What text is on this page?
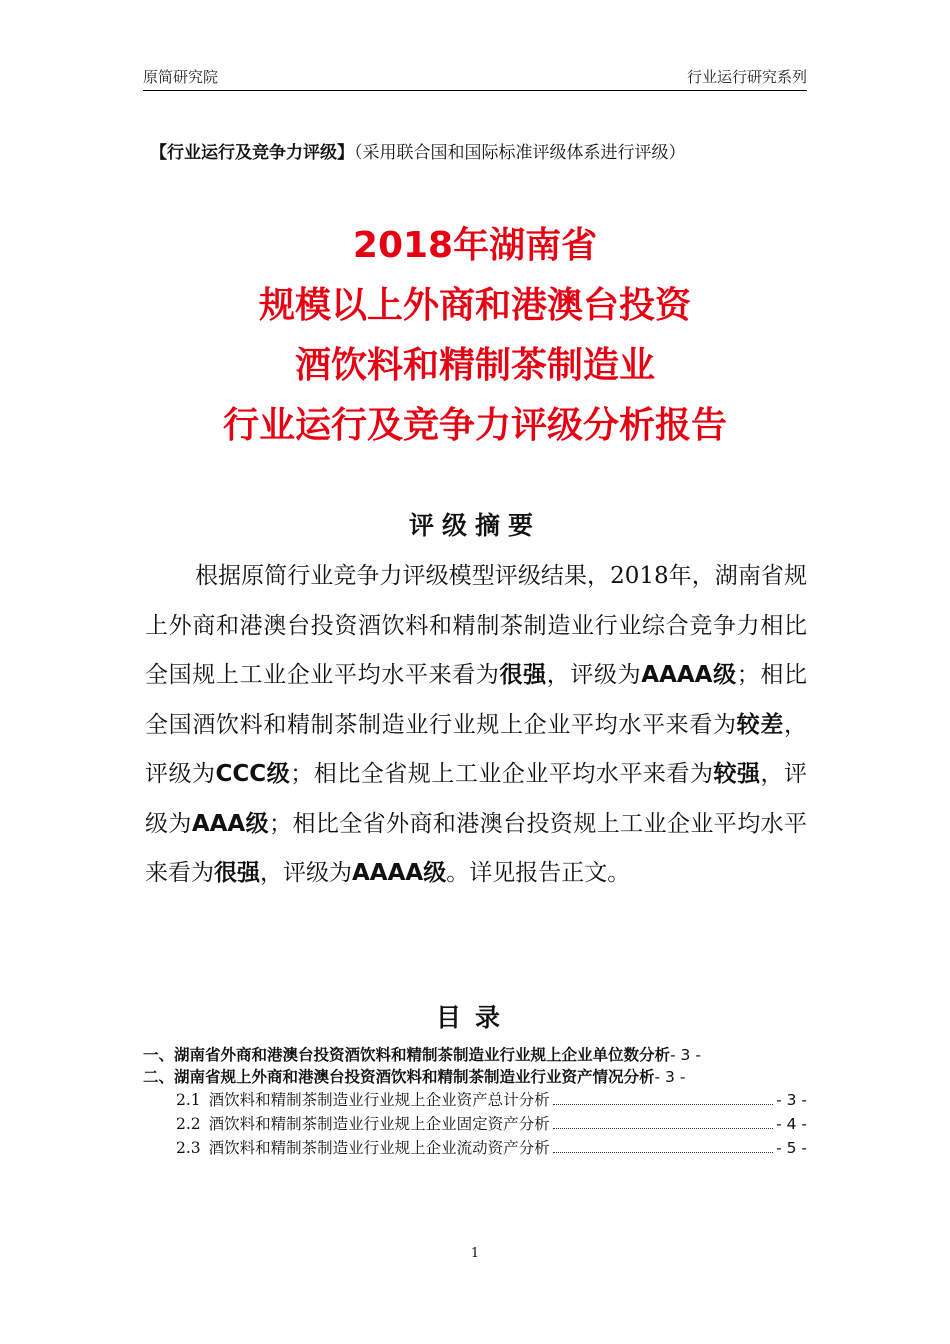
原简研究院	行业运行研究系列
【行业运行及竞争力评级】（采用联合国和国际标准评级体系进行评级）
2018年湖南省
规模以上外商和港澳台投资
酒饮料和精制茶制造业
行业运行及竞争力评级分析报告
评级摘要
根据原简行业竞争力评级模型评级结果，2018年，湖南省规上外商和港澳台投资酒饮料和精制茶制造业行业综合竞争力相比全国规上工业企业平均水平来看为很强，评级为AAAA级；相比全国酒饮料和精制茶制造业行业规上企业平均水平来看为较差，评级为CCC级；相比全省规上工业企业平均水平来看为较强，评级为AAA级；相比全省外商和港澳台投资规上工业企业平均水平来看为很强，评级为AAAA级。详见报告正文。
目录
一、湖南省外商和港澳台投资酒饮料和精制茶制造业行业规上企业单位数分析- 3 -
二、湖南省规上外商和港澳台投资酒饮料和精制茶制造业行业资产情况分析- 3 -
2.1 酒饮料和精制茶制造业行业规上企业资产总计分析	- 3 -
2.2 酒饮料和精制茶制造业行业规上企业固定资产分析	- 4 -
2.3 酒饮料和精制茶制造业行业规上企业流动资产分析	- 5 -
1
